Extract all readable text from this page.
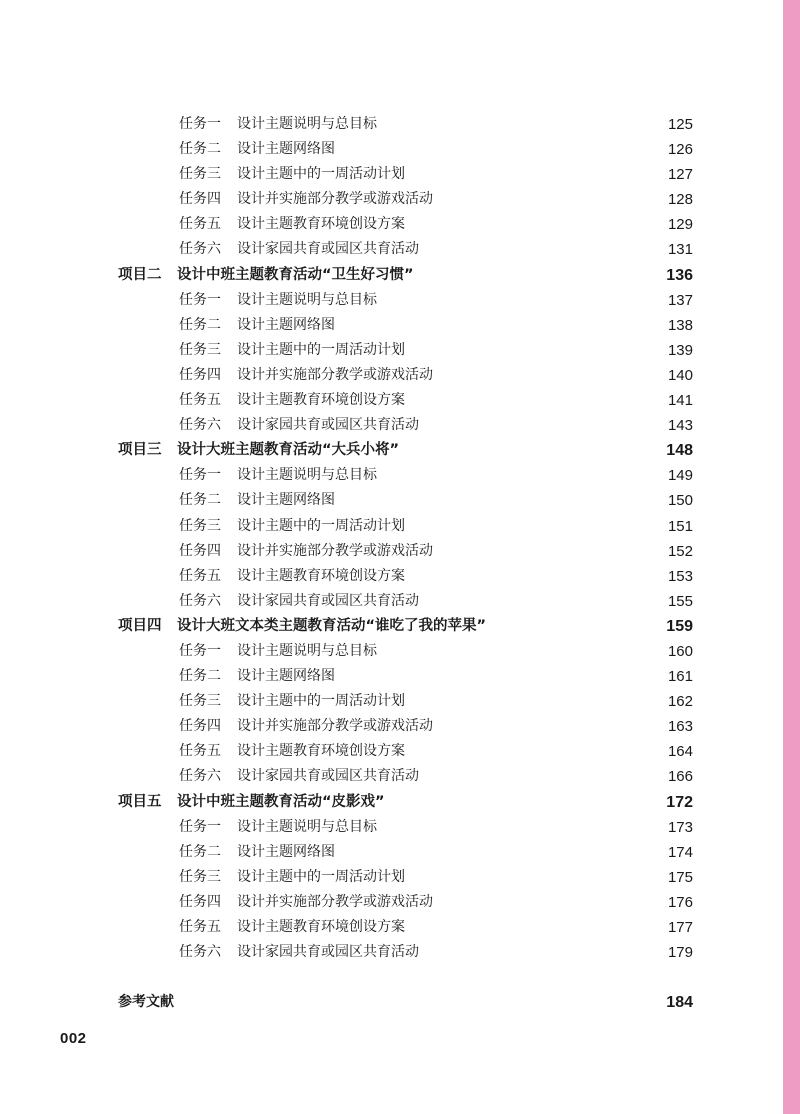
任务一 设计主题说明与总目标	125
任务二 设计主题网络图	126
任务三 设计主题中的一周活动计划	127
任务四 设计并实施部分教学或游戏活动	128
任务五 设计主题教育环境创设方案	129
任务六 设计家园共育或园区共育活动	131
项目二 设计中班主题教育活动“卫生好习惯”	136
任务一 设计主题说明与总目标	137
任务二 设计主题网络图	138
任务三 设计主题中的一周活动计划	139
任务四 设计并实施部分教学或游戏活动	140
任务五 设计主题教育环境创设方案	141
任务六 设计家园共育或园区共育活动	143
项目三 设计大班主题教育活动“大兵小将”	148
任务一 设计主题说明与总目标	149
任务二 设计主题网络图	150
任务三 设计主题中的一周活动计划	151
任务四 设计并实施部分教学或游戏活动	152
任务五 设计主题教育环境创设方案	153
任务六 设计家园共育或园区共育活动	155
项目四 设计大班文本类主题教育活动“谁吃了我的苹果”	159
任务一 设计主题说明与总目标	160
任务二 设计主题网络图	161
任务三 设计主题中的一周活动计划	162
任务四 设计并实施部分教学或游戏活动	163
任务五 设计主题教育环境创设方案	164
任务六 设计家园共育或园区共育活动	166
项目五 设计中班主题教育活动“皮影戏”	172
任务一 设计主题说明与总目标	173
任务二 设计主题网络图	174
任务三 设计主题中的一周活动计划	175
任务四 设计并实施部分教学或游戏活动	176
任务五 设计主题教育环境创设方案	177
任务六 设计家园共育或园区共育活动	179
参考文献	184
002
